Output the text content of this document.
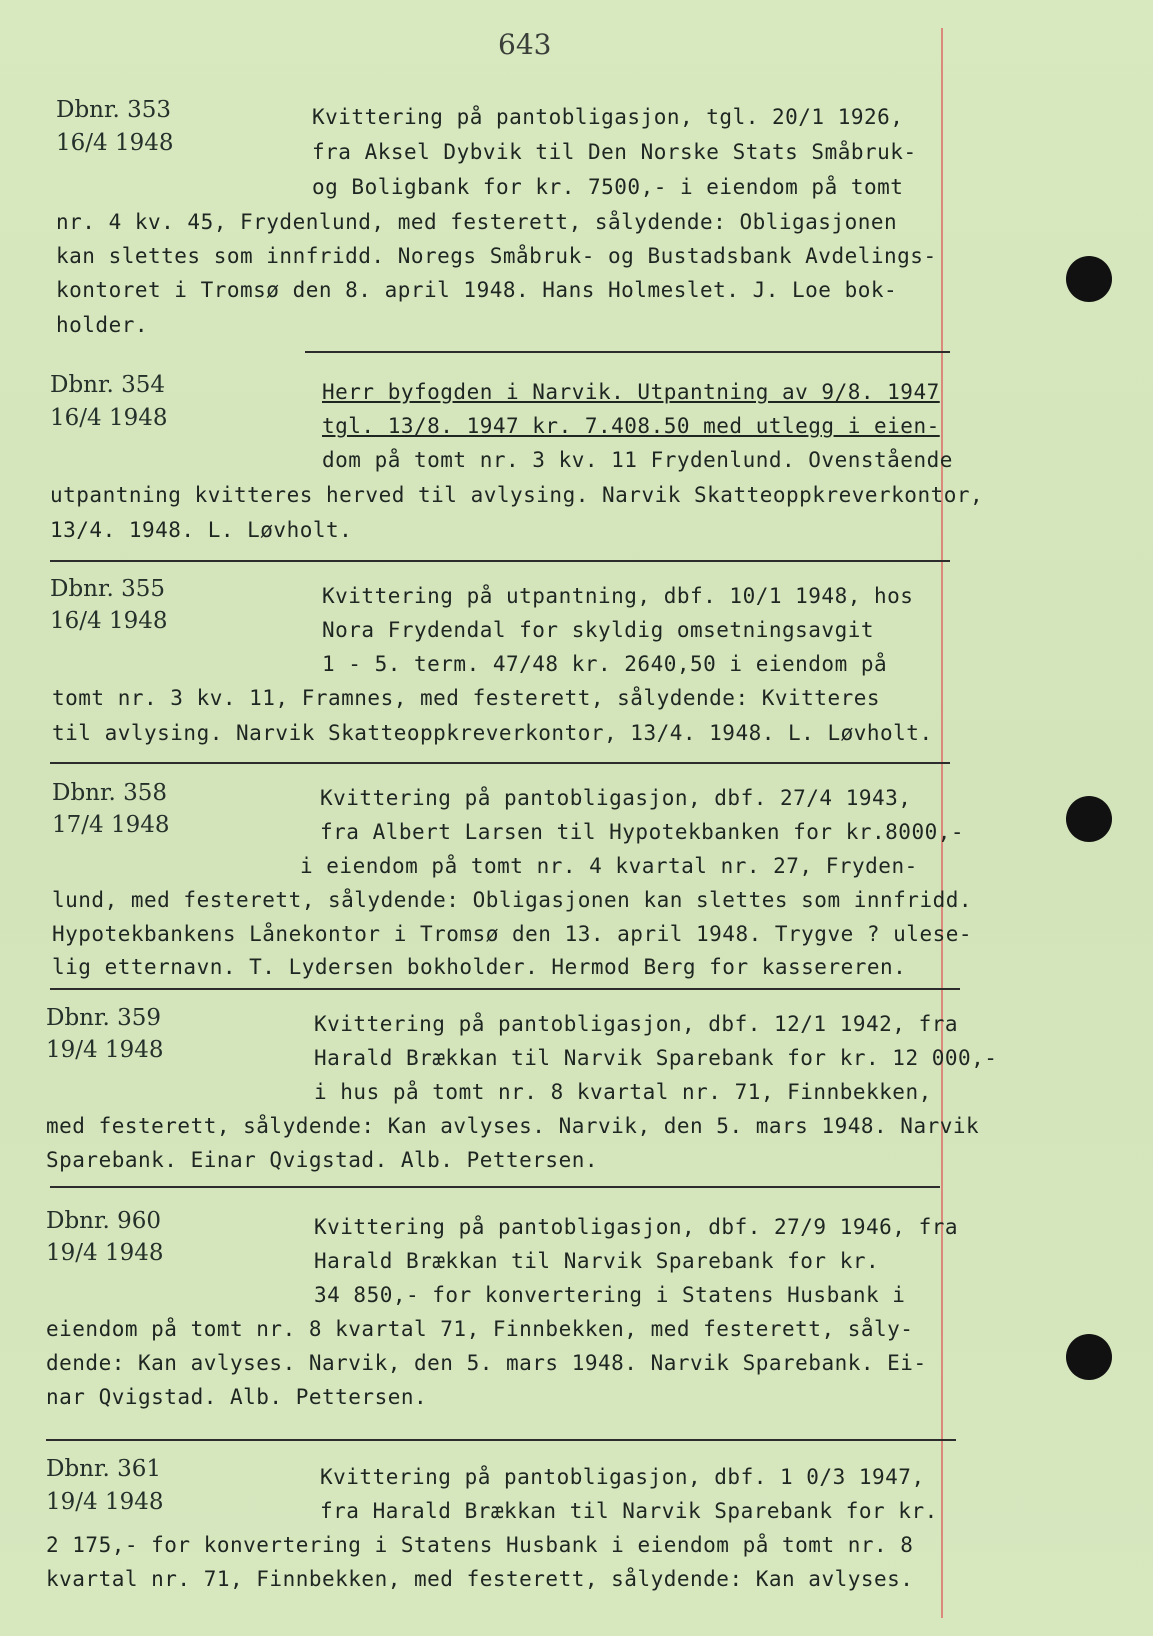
643
Dbnr. 353
16/4 1948
Kvittering på pantobligasjon, tgl. 20/1 1926,
fra Aksel Dybvik til Den Norske Stats Småbruk-
og Boligbank for kr. 7500,- i eiendom på tomt
nr. 4 kv. 45, Frydenlund, med festerett, sålydende: Obligasjonen
kan slettes som innfridd. Noregs Småbruk- og Bustadsbank Avdelings-
kontoret i Tromsø den 8. april 1948. Hans Holmeslet. J. Loe bok-
holder.
Dbnr. 354
16/4 1948
Herr byfogden i Narvik. Utpantning av 9/8. 1947
tgl. 13/8. 1947 kr. 7.408.50 med utlegg i eien-
dom på tomt nr. 3 kv. 11 Frydenlund. Ovenstående
utpantning kvitteres herved til avlysing. Narvik Skatteoppkreverkontor,
13/4. 1948. L. Løvholt.
Dbnr. 355
16/4 1948
Kvittering på utpantning, dbf. 10/1 1948, hos
Nora Frydendal for skyldig omsetningsavgit
1 - 5. term. 47/48 kr. 2640,50 i eiendom på
tomt nr. 3 kv. 11, Framnes, med festerett, sålydende: Kvitteres
til avlysing. Narvik Skatteoppkreverkontor, 13/4. 1948. L. Løvholt.
Dbnr. 358
17/4 1948
Kvittering på pantobligasjon, dbf. 27/4 1943,
fra Albert Larsen til Hypotekbanken for kr.8000,-
i eiendom på tomt nr. 4 kvartal nr. 27, Fryden-
lund, med festerett, sålydende: Obligasjonen kan slettes som innfridd.
Hypotekbankens Lånekontor i Tromsø den 13. april 1948. Trygve ? ulese-
lig etternavn. T. Lydersen bokholder. Hermod Berg for kassereren.
Dbnr. 359
19/4 1948
Kvittering på pantobligasjon, dbf. 12/1 1942, fra
Harald Brækkan til Narvik Sparebank for kr. 12 000,-
i hus på tomt nr. 8 kvartal nr. 71, Finnbekken,
med festerett, sålydende: Kan avlyses. Narvik, den 5. mars 1948. Narvik
Sparebank. Einar Qvigstad. Alb. Pettersen.
Dbnr. 960
19/4 1948
Kvittering på pantobligasjon, dbf. 27/9 1946, fra
Harald Brækkan til Narvik Sparebank for kr.
34 850,- for konvertering i Statens Husbank i
eiendom på tomt nr. 8 kvartal 71, Finnbekken, med festerett, såly-
dende: Kan avlyses. Narvik, den 5. mars 1948. Narvik Sparebank. Ei-
nar Qvigstad. Alb. Pettersen.
Dbnr. 361
19/4 1948
Kvittering på pantobligasjon, dbf. 1 0/3 1947,
fra Harald Brækkan til Narvik Sparebank for kr.
2 175,- for konvertering i Statens Husbank i eiendom på tomt nr. 8
kvartal nr. 71, Finnbekken, med festerett, sålydende: Kan avlyses.
